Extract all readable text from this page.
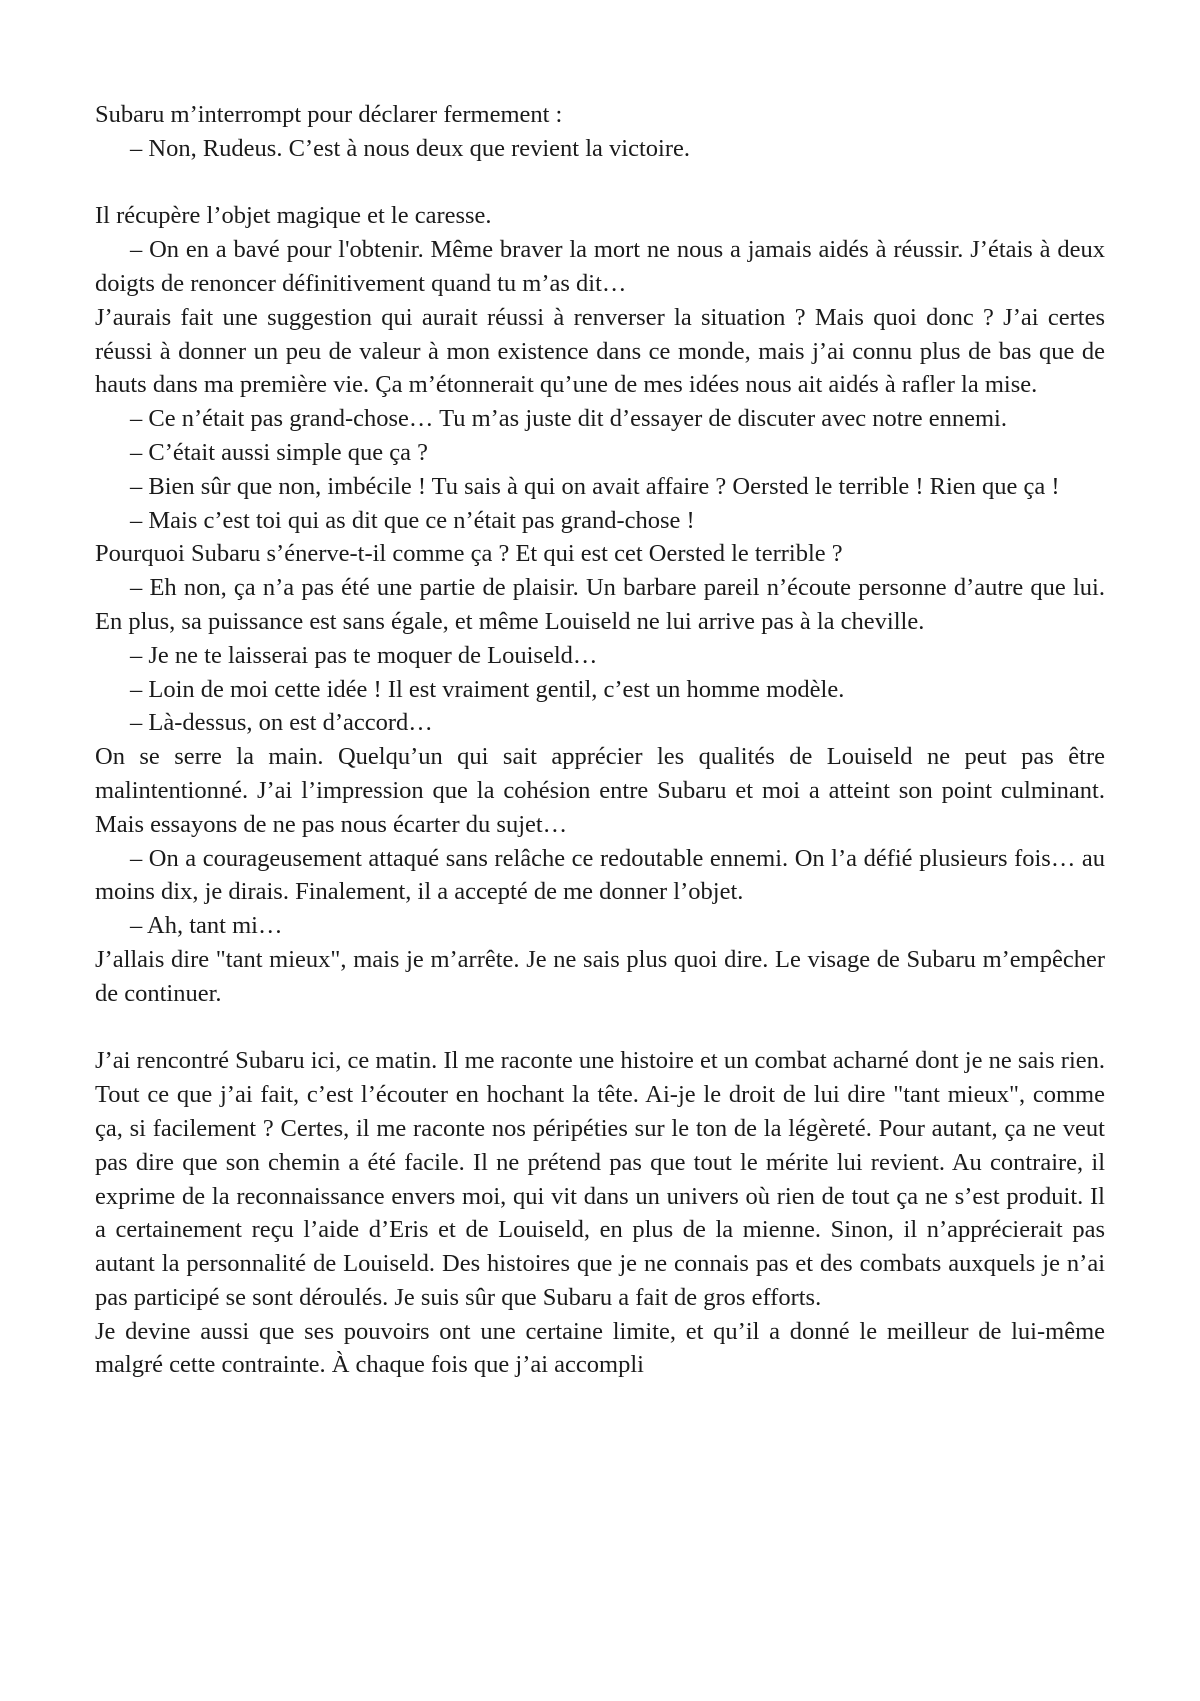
Subaru m’interrompt pour déclarer fermement :

– Non, Rudeus. C’est à nous deux que revient la victoire.

Il récupère l’objet magique et le caresse.

– On en a bavé pour l'obtenir. Même braver la mort ne nous a jamais aidés à réussir. J’étais à deux doigts de renoncer définitivement quand tu m’as dit…

J’aurais fait une suggestion qui aurait réussi à renverser la situation ? Mais quoi donc ? J’ai certes réussi à donner un peu de valeur à mon existence dans ce monde, mais j’ai connu plus de bas que de hauts dans ma première vie. Ça m’étonnerait qu’une de mes idées nous ait aidés à rafler la mise.

– Ce n’était pas grand-chose… Tu m’as juste dit d’essayer de discuter avec notre ennemi.

– C’était aussi simple que ça ?

– Bien sûr que non, imbécile ! Tu sais à qui on avait affaire ? Oersted le terrible ! Rien que ça !

– Mais c’est toi qui as dit que ce n’était pas grand-chose !

Pourquoi Subaru s’énerve-t-il comme ça ? Et qui est cet Oersted le terrible ?

– Eh non, ça n’a pas été une partie de plaisir. Un barbare pareil n’écoute personne d’autre que lui. En plus, sa puissance est sans égale, et même Louiseld ne lui arrive pas à la cheville.

– Je ne te laisserai pas te moquer de Louiseld…

– Loin de moi cette idée ! Il est vraiment gentil, c’est un homme modèle.

– Là-dessus, on est d’accord…

On se serre la main. Quelqu’un qui sait apprécier les qualités de Louiseld ne peut pas être malintentionné. J’ai l’impression que la cohésion entre Subaru et moi a atteint son point culminant. Mais essayons de ne pas nous écarter du sujet…

– On a courageusement attaqué sans relâche ce redoutable ennemi. On l’a défié plusieurs fois… au moins dix, je dirais. Finalement, il a accepté de me donner l’objet.

– Ah, tant mi…

J’allais dire "tant mieux", mais je m’arrête. Je ne sais plus quoi dire. Le visage de Subaru m’empêcher de continuer.

J’ai rencontré Subaru ici, ce matin. Il me raconte une histoire et un combat acharné dont je ne sais rien. Tout ce que j’ai fait, c’est l’écouter en hochant la tête. Ai-je le droit de lui dire "tant mieux", comme ça, si facilement ? Certes, il me raconte nos péripéties sur le ton de la légèreté. Pour autant, ça ne veut pas dire que son chemin a été facile. Il ne prétend pas que tout le mérite lui revient. Au contraire, il exprime de la reconnaissance envers moi, qui vit dans un univers où rien de tout ça ne s’est produit. Il a certainement reçu l’aide d’Eris et de Louiseld, en plus de la mienne. Sinon, il n’apprécierait pas autant la personnalité de Louiseld. Des histoires que je ne connais pas et des combats auxquels je n’ai pas participé se sont déroulés. Je suis sûr que Subaru a fait de gros efforts.

Je devine aussi que ses pouvoirs ont une certaine limite, et qu’il a donné le meilleur de lui-même malgré cette contrainte. À chaque fois que j’ai accompli
